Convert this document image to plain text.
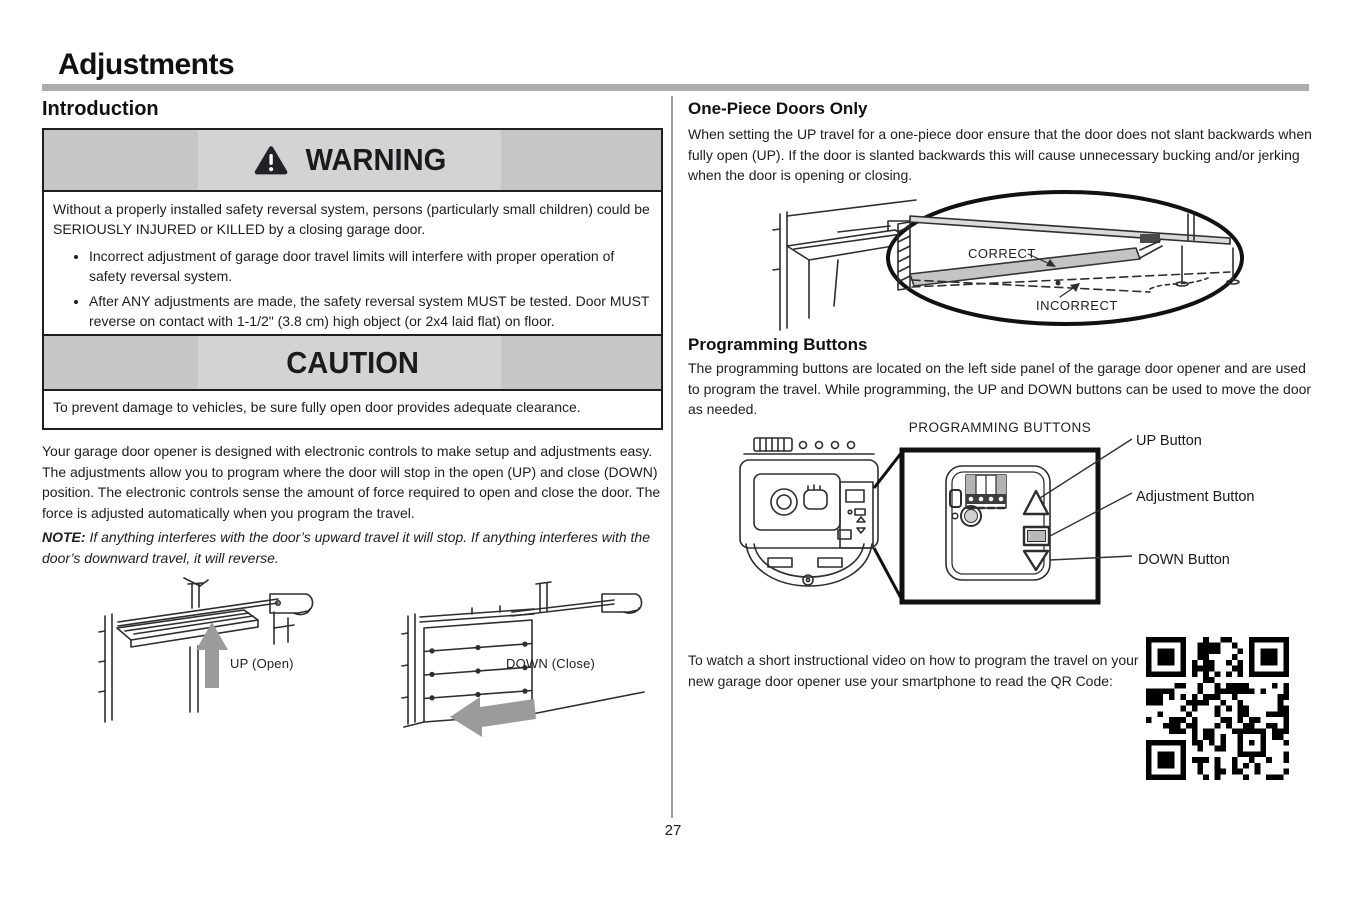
Adjustments
Introduction
WARNING

Without a properly installed safety reversal system, persons (particularly small children) could be SERIOUSLY INJURED or KILLED by a closing garage door.

• Incorrect adjustment of garage door travel limits will interfere with proper operation of safety reversal system.
• After ANY adjustments are made, the safety reversal system MUST be tested. Door MUST reverse on contact with 1-1/2" (3.8 cm) high object (or 2x4 laid flat) on floor.
CAUTION

To prevent damage to vehicles, be sure fully open door provides adequate clearance.

Your garage door opener is designed with electronic controls to make setup and adjustments easy. The adjustments allow you to program where the door will stop in the open (UP) and close (DOWN) position. The electronic controls sense the amount of force required to open and close the door. The force is adjusted automatically when you program the travel.

NOTE: If anything interferes with the door’s upward travel it will stop. If anything interferes with the door’s downward travel, it will reverse.

UP (Open)	DOWN (Close)
One-Piece Doors Only

When setting the UP travel for a one-piece door ensure that the door does not slant backwards when fully open (UP). If the door is slanted backwards this will cause unnecessary bucking and/or jerking when the door is opening or closing.

CORRECT
INCORRECT
Programming Buttons

The programming buttons are located on the left side panel of the garage door opener and are used to program the travel. While programming, the UP and DOWN buttons can be used to move the door as needed.

PROGRAMMING BUTTONS
UP Button
Adjustment Button
DOWN Button

To watch a short instructional video on how to program the travel on your new garage door opener use your smartphone to read the QR Code:

27
